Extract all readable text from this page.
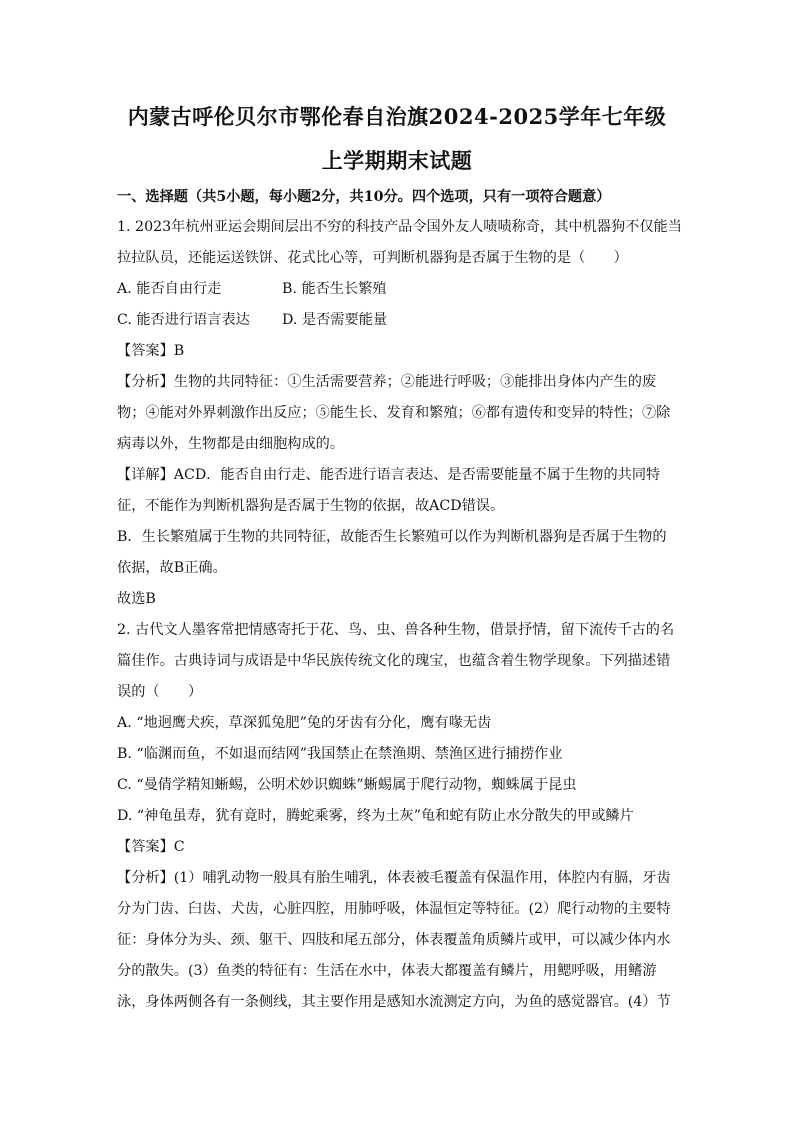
内蒙古呼伦贝尔市鄂伦春自治旗2024-2025学年七年级
上学期期末试题
一、选择题（共5小题，每小题2分，共10分。四个选项，只有一项符合题意）
1. 2023年杭州亚运会期间层出不穷的科技产品令国外友人啧啧称奇，其中机器狗不仅能当
拉拉队员，还能运送铁饼、花式比心等，可判断机器狗是否属于生物的是（　　）
A. 能否自由行走	B. 能否生长繁殖
C. 能否进行语言表达 D. 是否需要能量
【答案】B
【分析】生物的共同特征：①生活需要营养；②能进行呼吸；③能排出身体内产生的废
物；④能对外界刺激作出反应；⑤能生长、发育和繁殖；⑥都有遗传和变异的特性；⑦除
病毒以外，生物都是由细胞构成的。
【详解】ACD．能否自由行走、能否进行语言表达、是否需要能量不属于生物的共同特
征，不能作为判断机器狗是否属于生物的依据，故ACD错误。
B．生长繁殖属于生物的共同特征，故能否生长繁殖可以作为判断机器狗是否属于生物的
依据，故B正确。
故选B
2. 古代文人墨客常把情感寄托于花、鸟、虫、兽各种生物，借景抒情，留下流传千古的名
篇佳作。古典诗词与成语是中华民族传统文化的瑰宝，也蕴含着生物学现象。下列描述错
误的（　　）
A. “地迥鹰犬疾，草深狐兔肥”兔的牙齿有分化，鹰有喙无齿
B. “临渊而鱼，不如退而结网”我国禁止在禁渔期、禁渔区进行捕捞作业
C. “曼倩学精知蜥蜴，公明术妙识蜘蛛”蜥蜴属于爬行动物，蜘蛛属于昆虫
D. “神龟虽寿，犹有竟时，腾蛇乘雾，终为土灰”龟和蛇有防止水分散失的甲或鳞片
【答案】C
【分析】(1）哺乳动物一般具有胎生哺乳，体表被毛覆盖有保温作用，体腔内有膈，牙齿
分为门齿、臼齿、犬齿，心脏四腔，用肺呼吸，体温恒定等特征。(2）爬行动物的主要特
征：身体分为头、颈、躯干、四肢和尾五部分，体表覆盖角质鳞片或甲，可以减少体内水
分的散失。(3）鱼类的特征有：生活在水中，体表大都覆盖有鳞片，用鳃呼吸，用鳍游
泳，身体两侧各有一条侧线，其主要作用是感知水流测定方向，为鱼的感觉器官。(4）节
